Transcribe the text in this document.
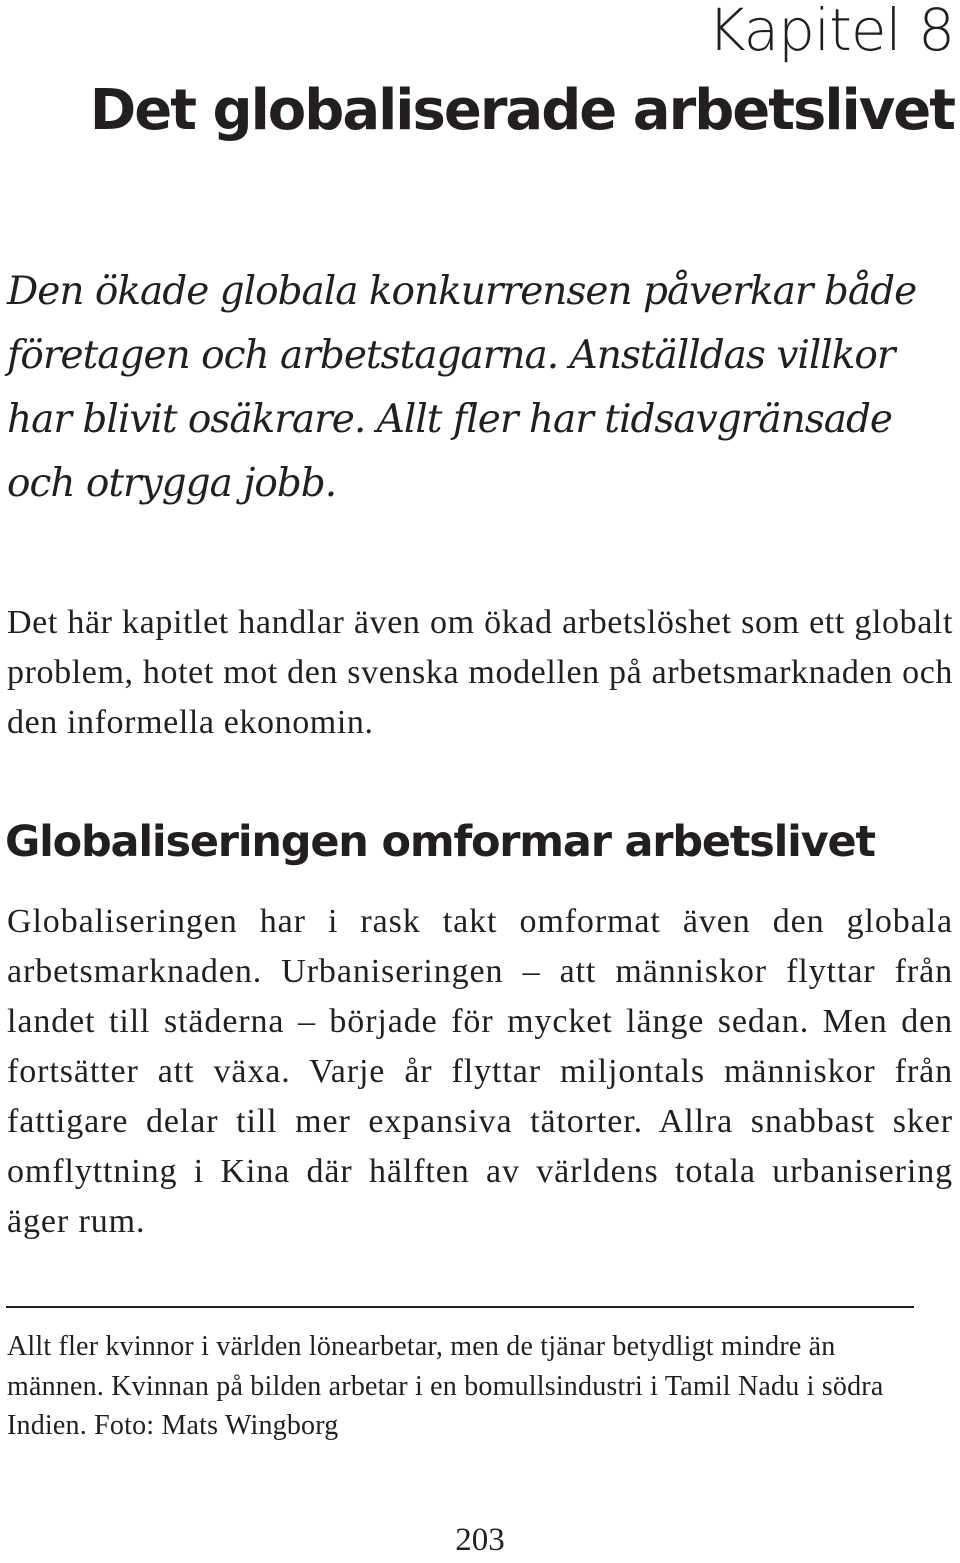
Kapitel 8
Det globaliserade arbetslivet

Den ökade globala konkurrensen påverkar både företagen och arbetstagarna. Anställdas villkor har blivit osäkrare. Allt fler har tidsavgränsade och otrygga jobb.

Det här kapitlet handlar även om ökad arbetslöshet som ett globalt problem, hotet mot den svenska modellen på arbetsmarknaden och den informella ekonomin.

Globaliseringen omformar arbetslivet

Globaliseringen har i rask takt omformat även den globala arbetsmarknaden. Urbaniseringen – att människor flyttar från landet till städerna – började för mycket länge sedan. Men den fortsätter att växa. Varje år flyttar miljontals människor från fattigare delar till mer expansiva tätorter. Allra snabbast sker omflyttning i Kina där hälften av världens totala urbanisering äger rum.

Allt fler kvinnor i världen lönearbetar, men de tjänar betydligt mindre än männen. Kvinnan på bilden arbetar i en bomullsindustri i Tamil Nadu i södra Indien. Foto: Mats Wingborg

203
